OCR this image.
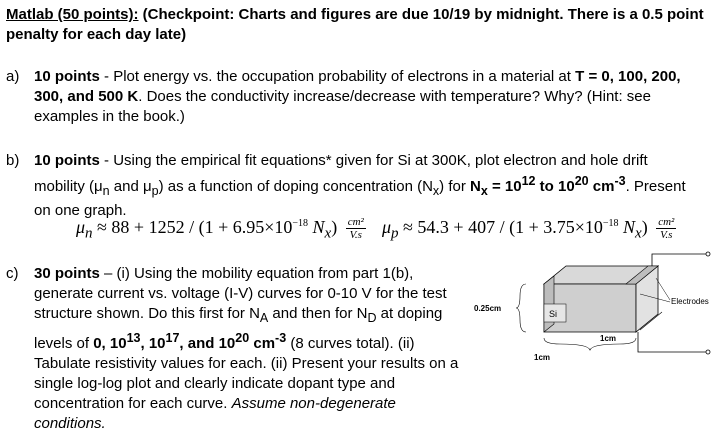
Matlab (50 points): (Checkpoint: Charts and figures are due 10/19 by midnight. There is a 0.5 point penalty for each day late)
a) 10 points - Plot energy vs. the occupation probability of electrons in a material at T = 0, 100, 200, 300, and 500 K. Does the conductivity increase/decrease with temperature? Why? (Hint: see examples in the book.)
b) 10 points - Using the empirical fit equations* given for Si at 300K, plot electron and hole drift mobility ($\mu_n$ and $\mu_p$) as a function of doping concentration $(N_x)$ for $N_x = 10^{12}$ to $10^{20}$ $cm^{-3}$. Present on one graph.
$\mu_n \approx 88 + 1252 / (1 + 6.95\times 10^{-18}$ $N_x) \frac{\text{cm²}}{V.s} \mu_p \approx 54.3 + 407 / (1 + 3.75\times 10^{-18}$ $N_x) \frac{\text{cm²}}{V.s}$
c) 30 points – (i) Using the mobility equation from part 1(b), generate current vs. voltage (I-V) curves for 0-10 V for the test structure shown. Do this first for $N_A$ and then for $N_D$ at doping levels of 0, $10^{13}$, $10^{17}$, and $10^{20}$ $cm^{-3}$ (8 curves total). (ii) Tabulate resistivity values for each. (ii) Present your results on a single log-log plot and clearly indicate dopant type and concentration for each curve. Assume non-degenerate conditions.
Electrodes
Si
0.25cm
1cm
1cm
